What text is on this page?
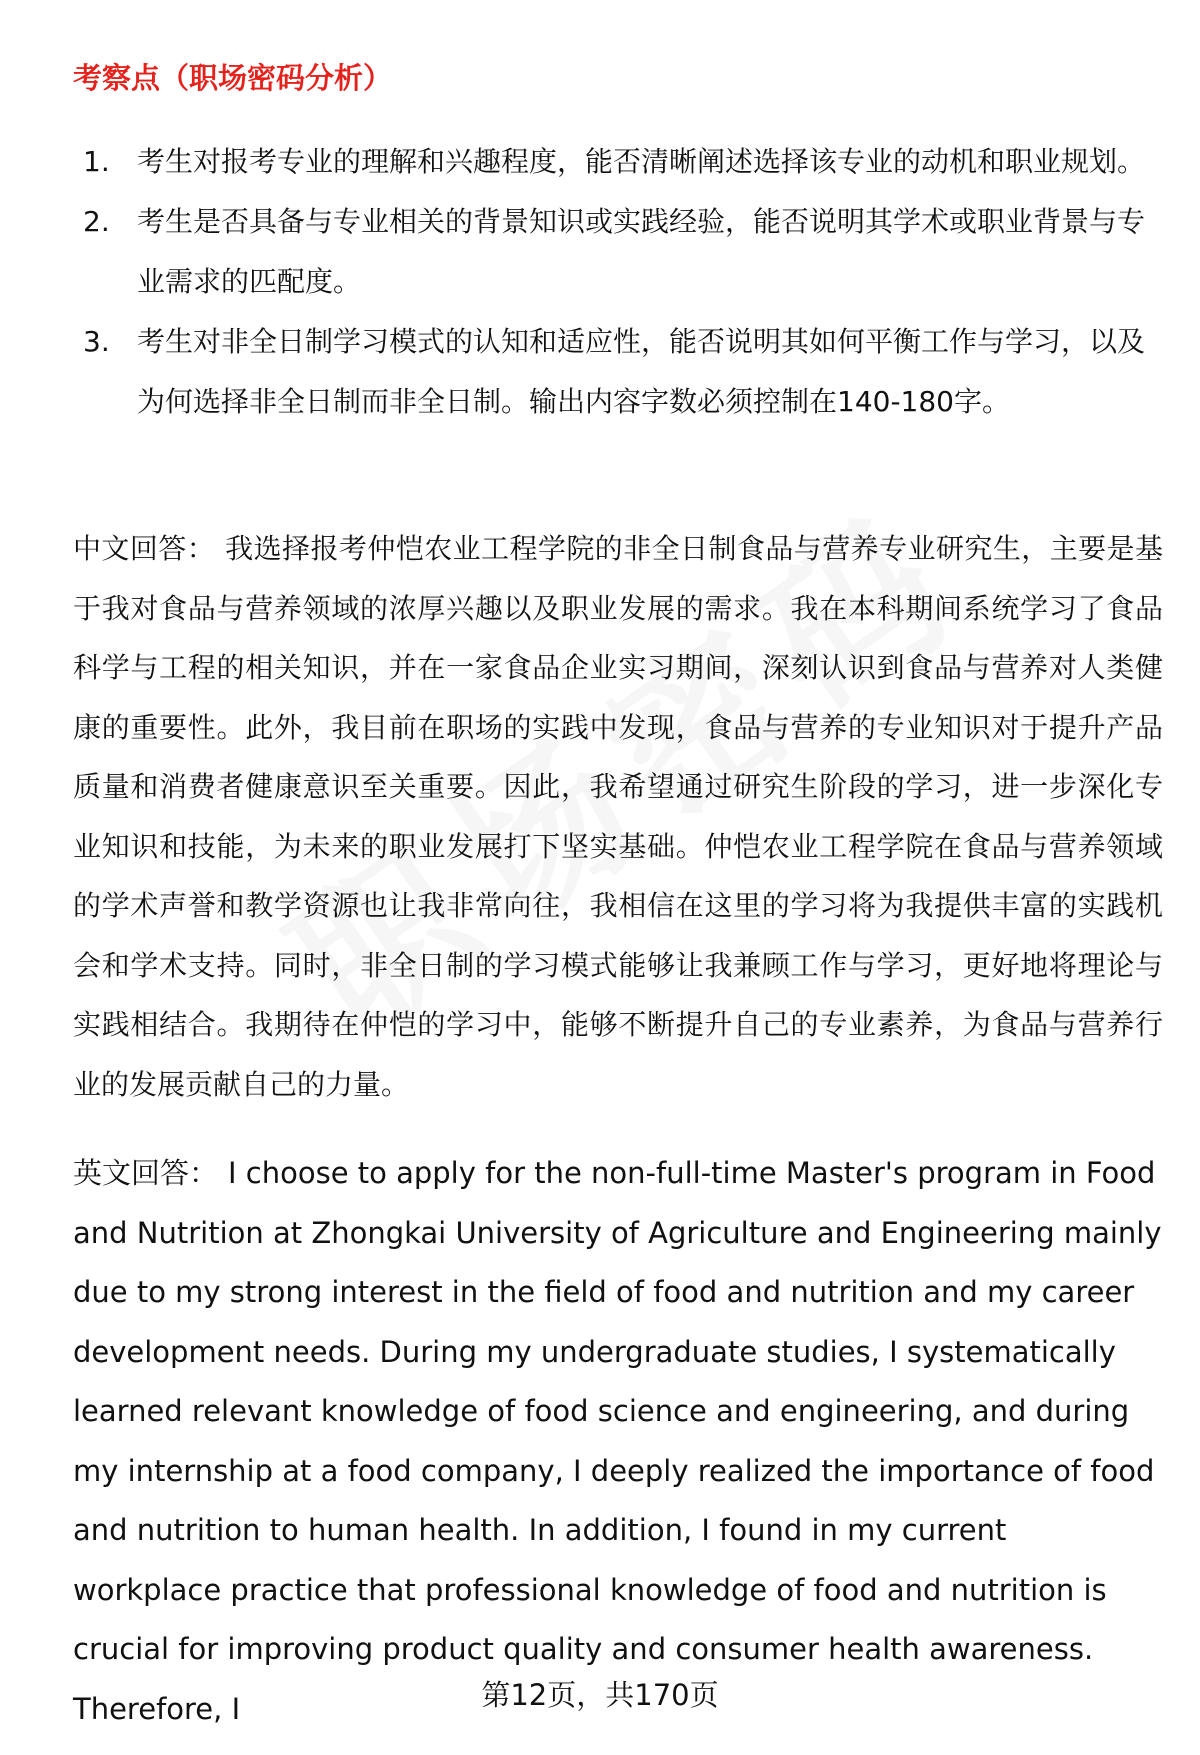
考察点（职场密码分析）
1. 考生对报考专业的理解和兴趣程度，能否清晰阐述选择该专业的动机和职业规划。
2. 考生是否具备与专业相关的背景知识或实践经验，能否说明其学术或职业背景与专业需求的匹配度。
3. 考生对非全日制学习模式的认知和适应性，能否说明其如何平衡工作与学习，以及为何选择非全日制而非全日制。输出内容字数必须控制在140-180字。

中文回答： 我选择报考仲恺农业工程学院的非全日制食品与营养专业研究生，主要是基于我对食品与营养领域的浓厚兴趣以及职业发展的需求。我在本科期间系统学习了食品科学与工程的相关知识，并在一家食品企业实习期间，深刻认识到食品与营养对人类健康的重要性。此外，我目前在职场的实践中发现，食品与营养的专业知识对于提升产品质量和消费者健康意识至关重要。因此，我希望通过研究生阶段的学习，进一步深化专业知识和技能，为未来的职业发展打下坚实基础。仲恺农业工程学院在食品与营养领域的学术声誉和教学资源也让我非常向往，我相信在这里的学习将为我提供丰富的实践机会和学术支持。同时，非全日制的学习模式能够让我兼顾工作与学习，更好地将理论与实践相结合。我期待在仲恺的学习中，能够不断提升自己的专业素养，为食品与营养行业的发展贡献自己的力量。

英文回答： I choose to apply for the non-full-time Master's program in Food and Nutrition at Zhongkai University of Agriculture and Engineering mainly due to my strong interest in the field of food and nutrition and my career development needs. During my undergraduate studies, I systematically learned relevant knowledge of food science and engineering, and during my internship at a food company, I deeply realized the importance of food and nutrition to human health. In addition, I found in my current workplace practice that professional knowledge of food and nutrition is crucial for improving product quality and consumer health awareness. Therefore, I	第12页，共170页
